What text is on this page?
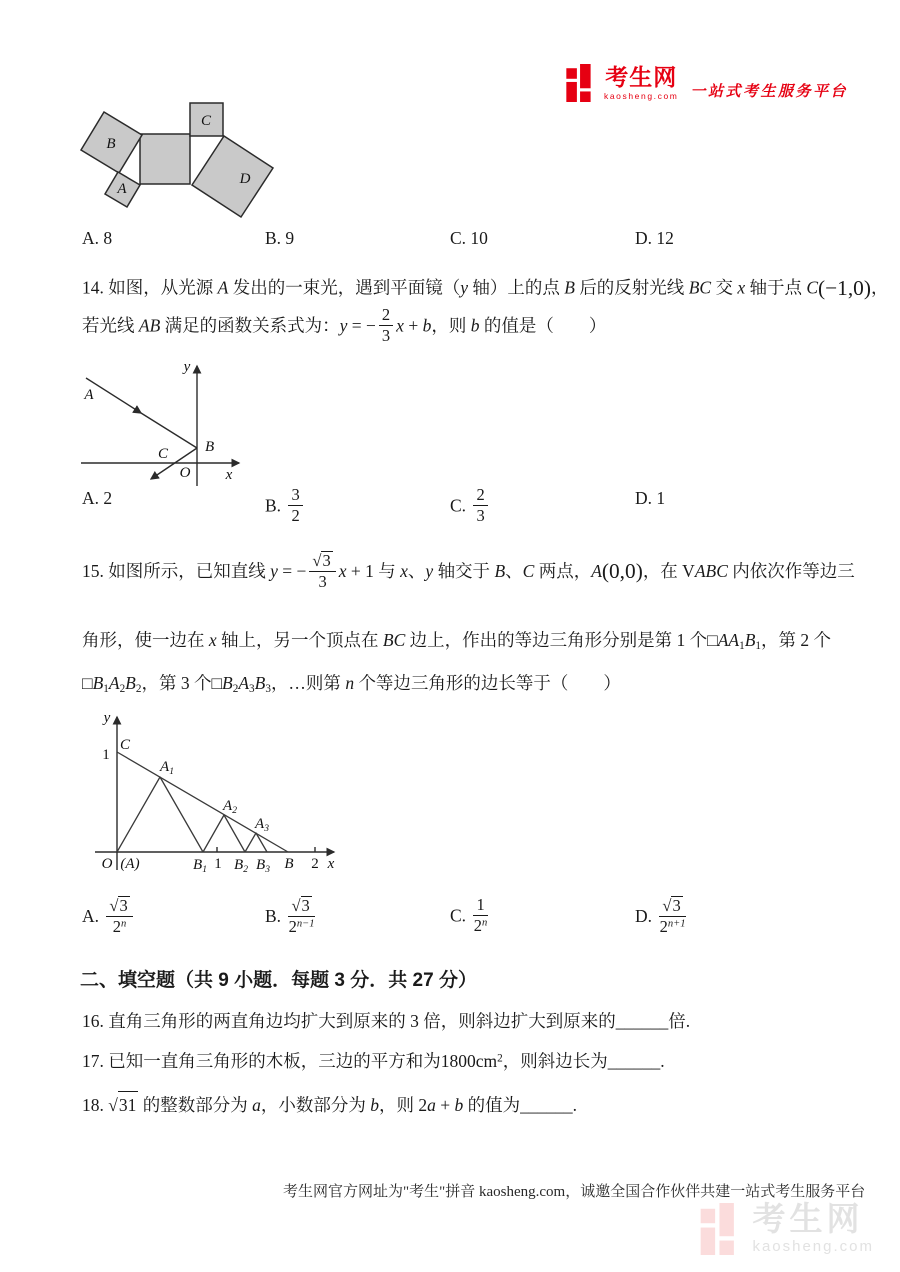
考生网
kaosheng.com 一站式考生服务平台
B
A
C
D
A. 8	B. 9	C. 10	D. 12
14. 如图，从光源 A 发出的一束光，遇到平面镜（y 轴）上的点 B 后的反射光线 BC 交 x 轴于点 C(−1,0)，
若光线 AB 满足的函数关系式为：y = − $\frac{2}{3}$ x + b，则 b 的值是（　　）
A
B
C
O
y
x
A. 2	B. $\frac{3}{2}$	C. $\frac{2}{3}$	D. 1
15. 如图所示，已知直线 y = − $\frac{√3}{3}$ x + 1 与 x、y 轴交于 B、C 两点，A(0,0)，在 VABC 内依次作等边三
角形，使一边在 x 轴上，另一个顶点在 BC 边上，作出的等边三角形分别是第 1 个$□AA_1B_1$，第 2 个
$□B_1A_2B_2$，第 3 个$□B_2A_3B_3$，…则第 n 个等边三角形的边长等于（　　）
y
x
C
1
O (A)	$B_1$ 1 $B_2$ $B_3$ B 2
$A_1$
$A_2$
$A_3$
A. $\frac{√3}{2^n}$	B. $\frac{√3}{2^{n-1}}$	C. $\frac{1}{2^n}$	D. $\frac{√3}{2^{n+1}}$
二、填空题（共 9 小题．每题 3 分．共 27 分）
16. 直角三角形的两直角边均扩大到原来的 3 倍，则斜边扩大到原来的______倍.
17. 已知一直角三角形的木板，三边的平方和为$1800cm^2$，则斜边长为______.
18. √31 的整数部分为 a，小数部分为 b，则 2a + b 的值为______.
考生网官方网址为"考生"拼音 kaosheng.com，诚邀全国合作伙伴共建一站式考生服务平台
考生网
kaosheng.com
